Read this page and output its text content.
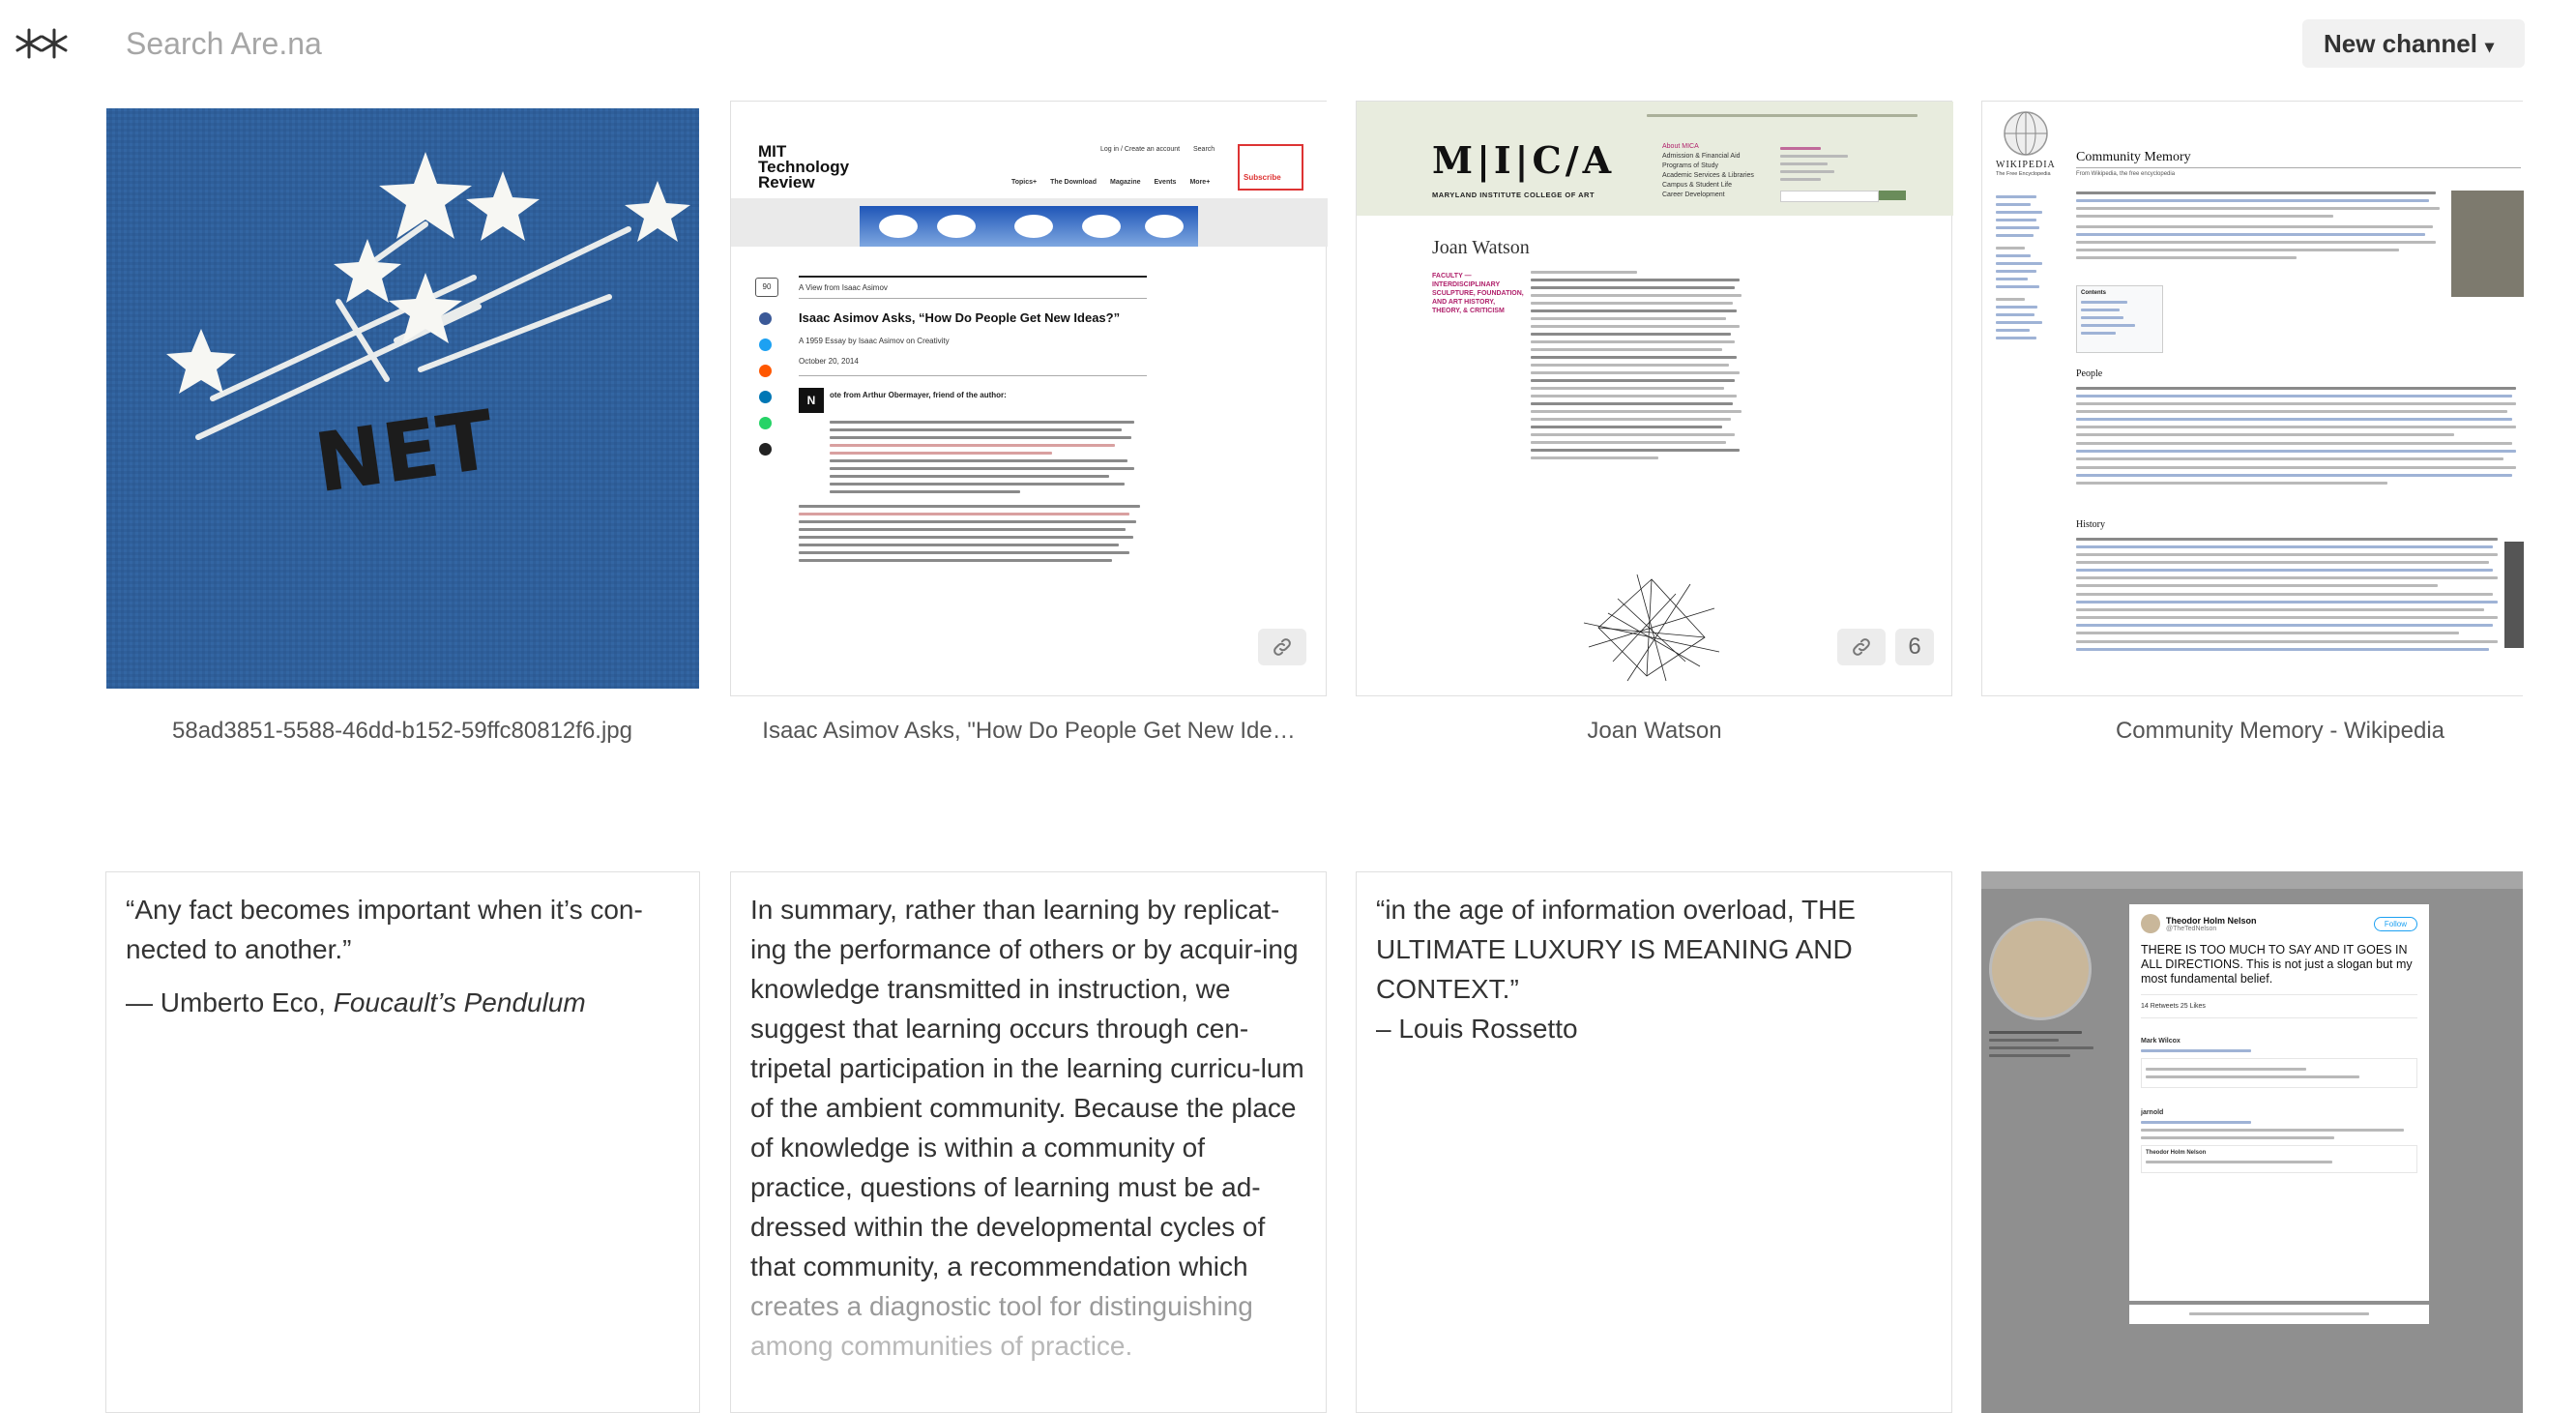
Search Are.na
New channel ▾
NET
58ad3851-5588-46dd-b152-59ffc80812f6.jpg
MIT
Technology
Review
Log in / Create an account Search
Subscribe
Topics+ The Download Magazine Events More+
90	A View from Isaac Asimov
Isaac Asimov Asks, “How Do People Get New Ideas?”
A 1959 Essay by Isaac Asimov on Creativity
October 20, 2014
N	ote from Arthur Obermayer, friend of the author:
Isaac Asimov Asks, "How Do People Get New Ide…
M|I|C/A
MARYLAND INSTITUTE COLLEGE OF ART
About MICA
Admission & Financial Aid
Programs of Study
Academic Services & Libraries
Campus & Student Life
Career Development
Joan Watson
FACULTY — INTERDISCIPLINARY SCULPTURE, FOUNDATION, AND ART HISTORY, THEORY, & CRITICISM
6
Joan Watson
WIKIPEDIA
The Free Encyclopedia
Community Memory
From Wikipedia, the free encyclopedia
Contents
People
History
Community Memory - Wikipedia

“Any fact becomes important when it’s con-nected to another.”

— Umberto Eco, Foucault’s Pendulum

In summary, rather than learning by replicat-ing the performance of others or by acquir-ing knowledge transmitted in instruction, we suggest that learning occurs through cen-tripetal participation in the learning curricu-lum of the ambient community. Because the place of knowledge is within a community of practice, questions of learning must be ad-dressed within the developmental cycles of that community, a recommendation which
creates a diagnostic tool for distinguishing
among communities of practice.
“in the age of information overload, THE ULTIMATE LUXURY IS MEANING AND CONTEXT.”
– Louis Rossetto
Theodor Holm Nelson
@TheTedNelson
Follow
THERE IS TOO MUCH TO SAY AND IT GOES IN ALL DIRECTIONS. This is not just a slogan but my most fundamental belief.
14 Retweets 25 Likes
Mark Wilcox
jarnold
Theodor Holm Nelson
